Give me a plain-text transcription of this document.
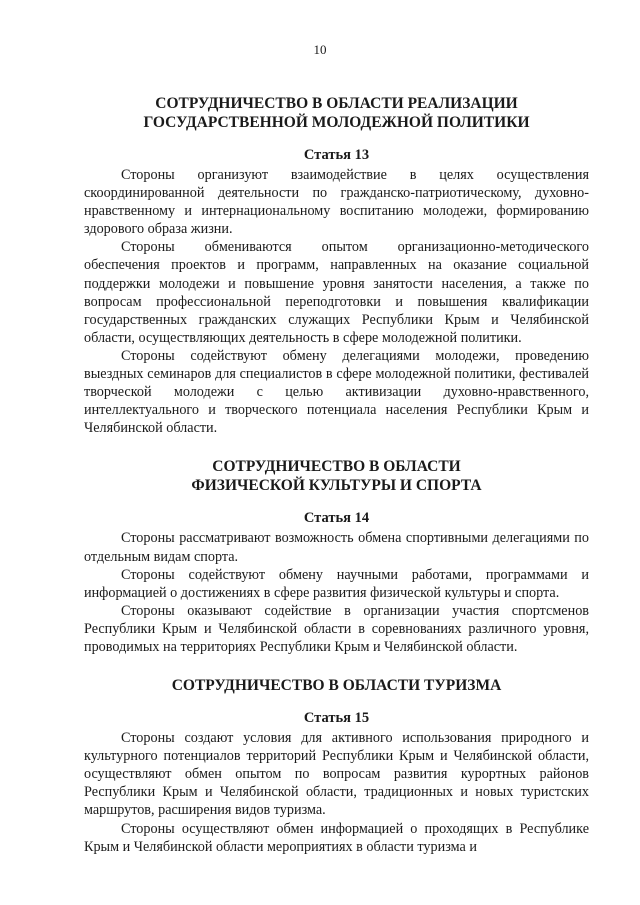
10
СОТРУДНИЧЕСТВО В ОБЛАСТИ РЕАЛИЗАЦИИ
ГОСУДАРСТВЕННОЙ МОЛОДЕЖНОЙ ПОЛИТИКИ
Статья 13

Стороны организуют взаимодействие в целях осуществления скоординированной деятельности по гражданско-патриотическому, духовно-нравственному и интернациональному воспитанию молодежи, формированию здорового образа жизни.

Стороны обмениваются опытом организационно-методического обеспечения проектов и программ, направленных на оказание социальной поддержки молодежи и повышение уровня занятости населения, а также по вопросам профессиональной переподготовки и повышения квалификации государственных гражданских служащих Республики Крым и Челябинской области, осуществляющих деятельность в сфере молодежной политики.

Стороны содействуют обмену делегациями молодежи, проведению выездных семинаров для специалистов в сфере молодежной политики, фестивалей творческой молодежи с целью активизации духовно-нравственного, интеллектуального и творческого потенциала населения Республики Крым и Челябинской области.

СОТРУДНИЧЕСТВО В ОБЛАСТИ
ФИЗИЧЕСКОЙ КУЛЬТУРЫ И СПОРТА
Статья 14

Стороны рассматривают возможность обмена спортивными делегациями по отдельным видам спорта.

Стороны содействуют обмену научными работами, программами и информацией о достижениях в сфере развития физической культуры и спорта.

Стороны оказывают содействие в организации участия спортсменов Республики Крым и Челябинской области в соревнованиях различного уровня, проводимых на территориях Республики Крым и Челябинской области.

СОТРУДНИЧЕСТВО В ОБЛАСТИ ТУРИЗМА
Статья 15

Стороны создают условия для активного использования природного и культурного потенциалов территорий Республики Крым и Челябинской области, осуществляют обмен опытом по вопросам развития курортных районов Республики Крым и Челябинской области, традиционных и новых туристских маршрутов, расширения видов туризма.

Стороны осуществляют обмен информацией о проходящих в Республике Крым и Челябинской области мероприятиях в области туризма и
